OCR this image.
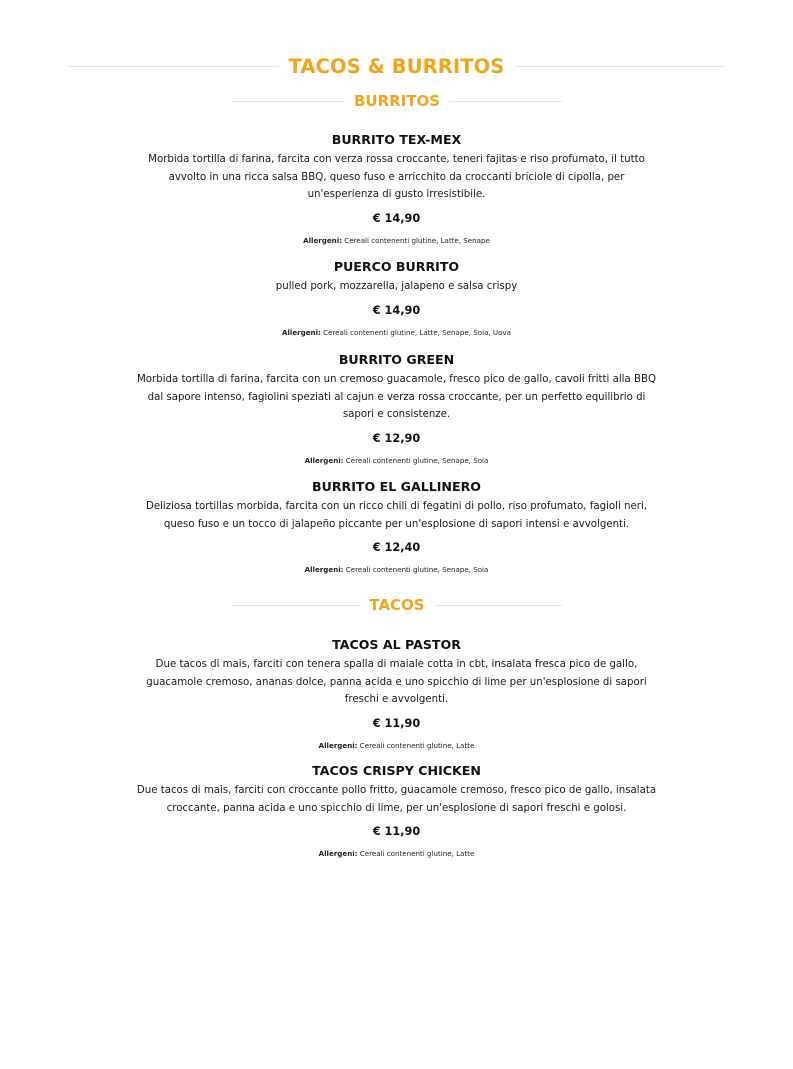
TACOS & BURRITOS
BURRITOS
BURRITO TEX-MEX
Morbida tortilla di farina, farcita con verza rossa croccante, teneri fajitas e riso profumato, il tutto avvolto in una ricca salsa BBQ, queso fuso e arricchito da croccanti briciole di cipolla, per un'esperienza di gusto irresistibile.
€ 14,90
Allergeni: Cereali contenenti glutine, Latte, Senape
PUERCO BURRITO
pulled pork, mozzarella, jalapeno e salsa crispy
€ 14,90
Allergeni: Cereali contenenti glutine, Latte, Senape, Soia, Uova
BURRITO GREEN
Morbida tortilla di farina, farcita con un cremoso guacamole, fresco pico de gallo, cavoli fritti alla BBQ dal sapore intenso, fagiolini speziati al cajun e verza rossa croccante, per un perfetto equilibrio di sapori e consistenze.
€ 12,90
Allergeni: Cereali contenenti glutine, Senape, Soia
BURRITO EL GALLINERO
Deliziosa tortillas morbida, farcita con un ricco chili di fegatini di pollo, riso profumato, fagioli neri, queso fuso e un tocco di jalapeño piccante per un'esplosione di sapori intensi e avvolgenti.
€ 12,40
Allergeni: Cereali contenenti glutine, Senape, Soia
TACOS
TACOS AL PASTOR
Due tacos di mais, farciti con tenera spalla di maiale cotta in cbt, insalata fresca pico de gallo, guacamole cremoso, ananas dolce, panna acida e uno spicchio di lime per un'esplosione di sapori freschi e avvolgenti.
€ 11,90
Allergeni: Cereali contenenti glutine, Latte
TACOS CRISPY CHICKEN
Due tacos di mais, farciti con croccante pollo fritto, guacamole cremoso, fresco pico de gallo, insalata croccante, panna acida e uno spicchio di lime, per un'esplosione di sapori freschi e golosi.
€ 11,90
Allergeni: Cereali contenenti glutine, Latte
